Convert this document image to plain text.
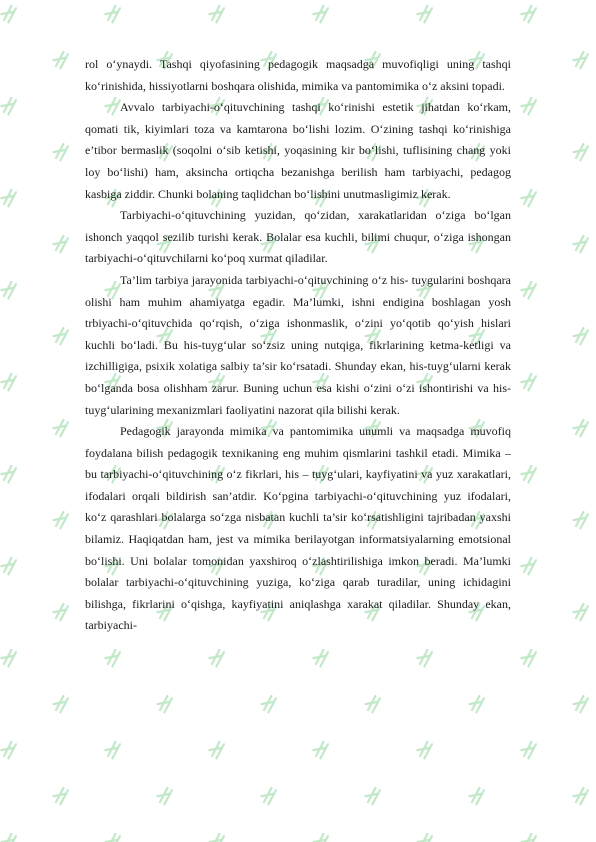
rol o‘ynaydi. Tashqi qiyofasining pedagogik maqsadga muvofiqligi uning tashqi ko‘rinishida, hissiyotlarni boshqara olishida, mimika va pantomimika o‘z aksini topadi.

Avvalo tarbiyachi-o‘qituvchining tashqi ko‘rinishi estetik jihatdan ko‘rkam, qomati tik, kiyimlari toza va kamtarona bo‘lishi lozim. O‘zining tashqi ko‘rinishiga e’tibor bermaslik (soqolni o‘sib ketishi, yoqasining kir bo‘lishi, tuflisining chang yoki loy bo‘lishi) ham, aksincha ortiqcha bezanishga berilish ham tarbiyachi, pedagog kasbiga ziddir. Chunki bolaning taqlidchan bo‘lishini unutmasligimiz kerak.

Tarbiyachi-o‘qituvchining yuzidan, qo‘zidan, xarakatlaridan o‘ziga bo‘lgan ishonch yaqqol sezilib turishi kerak. Bolalar esa kuchli, bilimi chuqur, o‘ziga ishongan tarbiyachi-o‘qituvchilarni ko‘poq xurmat qiladilar.

Ta’lim tarbiya jarayonida tarbiyachi-o‘qituvchining o‘z his- tuygularini boshqara olishi ham muhim ahamiyatga egadir. Ma’lumki, ishni endigina boshlagan yosh trbiyachi-o‘qituvchida qo‘rqish, o‘ziga ishonmaslik, o‘zini yo‘qotib qo‘yish hislari kuchli bo‘ladi. Bu his-tuyg‘ular so‘zsiz uning nutqiga, fikrlarining ketma-ketligi va izchilligiga, psixik xolatiga salbiy ta’sir ko‘rsatadi. Shunday ekan, his-tuyg‘ularni kerak bo‘lganda bosa olishham zarur. Buning uchun esa kishi o‘zini o‘zi ishontirishi va his-tuyg‘ularining mexanizmlari faoliyatini nazorat qila bilishi kerak.

Pedagogik jarayonda mimika va pantomimika unumli va maqsadga muvofiq foydalana bilish pedagogik texnikaning eng muhim qismlarini tashkil etadi. Mimika – bu tarbiyachi-o‘qituvchining o‘z fikrlari, his – tuyg‘ulari, kayfiyatini va yuz xarakatlari, ifodalari orqali bildirish san’atdir. Ko‘pgina tarbiyachi-o‘qituvchining yuz ifodalari, ko‘z qarashlari bolalarga so‘zga nisbatan kuchli ta’sir ko‘rsatishligini tajribadan yaxshi bilamiz. Haqiqatdan ham, jest va mimika berilayotgan informatsiyalarning emotsional bo‘lishi. Uni bolalar tomonidan yaxshiroq o‘zlashtirilishiga imkon beradi. Ma’lumki bolalar tarbiyachi-o‘qituvchining yuziga, ko‘ziga qarab turadilar, uning ichidagini bilishga, fikrlarini o‘qishga, kayfiyatini aniqlashga xarakat qiladilar. Shunday ekan, tarbiyachi-
